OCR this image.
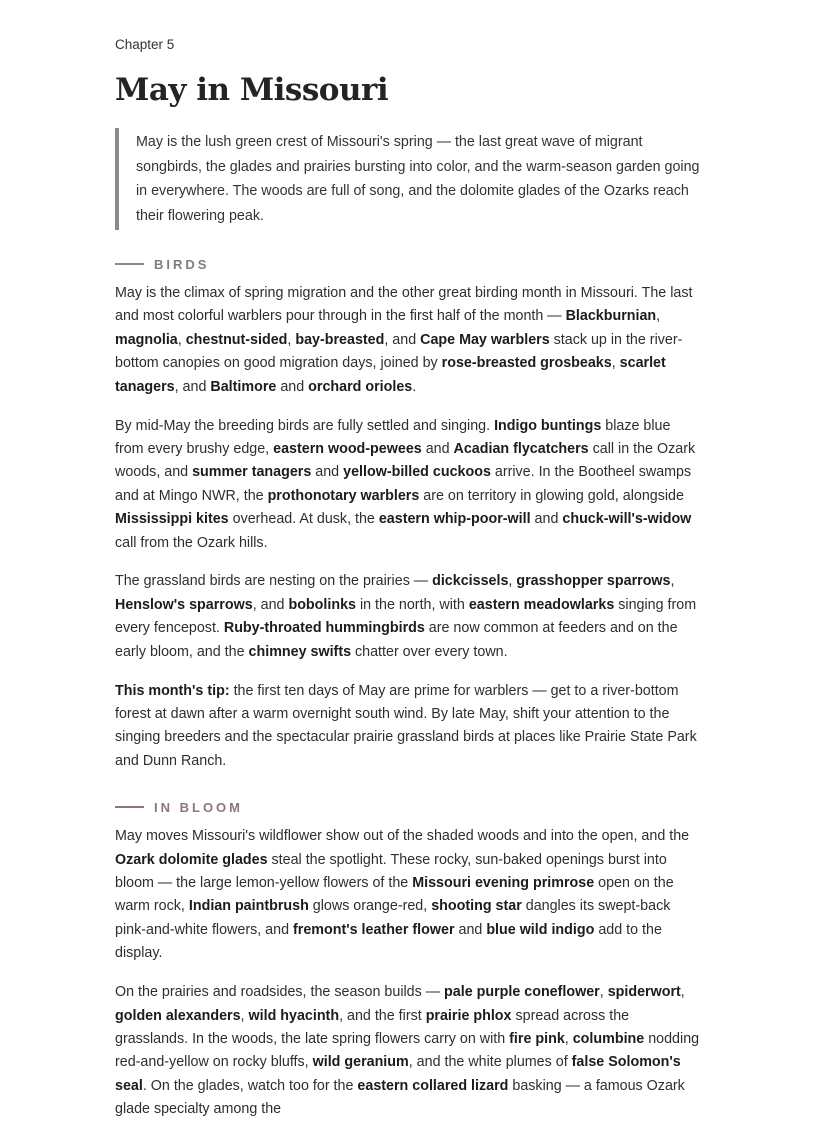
Chapter 5

May in Missouri
May is the lush green crest of Missouri's spring — the last great wave of migrant songbirds, the glades and prairies bursting into color, and the warm-season garden going in everywhere. The woods are full of song, and the dolomite glades of the Ozarks reach their flowering peak.
BIRDS

May is the climax of spring migration and the other great birding month in Missouri. The last and most colorful warblers pour through in the first half of the month — Blackburnian, magnolia, chestnut-sided, bay-breasted, and Cape May warblers stack up in the river-bottom canopies on good migration days, joined by rose-breasted grosbeaks, scarlet tanagers, and Baltimore and orchard orioles.

By mid-May the breeding birds are fully settled and singing. Indigo buntings blaze blue from every brushy edge, eastern wood-pewees and Acadian flycatchers call in the Ozark woods, and summer tanagers and yellow-billed cuckoos arrive. In the Bootheel swamps and at Mingo NWR, the prothonotary warblers are on territory in glowing gold, alongside Mississippi kites overhead. At dusk, the eastern whip-poor-will and chuck-will's-widow call from the Ozark hills.

The grassland birds are nesting on the prairies — dickcissels, grasshopper sparrows, Henslow's sparrows, and bobolinks in the north, with eastern meadowlarks singing from every fencepost. Ruby-throated hummingbirds are now common at feeders and on the early bloom, and the chimney swifts chatter over every town.

This month's tip: the first ten days of May are prime for warblers — get to a river-bottom forest at dawn after a warm overnight south wind. By late May, shift your attention to the singing breeders and the spectacular prairie grassland birds at places like Prairie State Park and Dunn Ranch.

IN BLOOM

May moves Missouri's wildflower show out of the shaded woods and into the open, and the Ozark dolomite glades steal the spotlight. These rocky, sun-baked openings burst into bloom — the large lemon-yellow flowers of the Missouri evening primrose open on the warm rock, Indian paintbrush glows orange-red, shooting star dangles its swept-back pink-and-white flowers, and fremont's leather flower and blue wild indigo add to the display.

On the prairies and roadsides, the season builds — pale purple coneflower, spiderwort, golden alexanders, wild hyacinth, and the first prairie phlox spread across the grasslands. In the woods, the late spring flowers carry on with fire pink, columbine nodding red-and-yellow on rocky bluffs, wild geranium, and the white plumes of false Solomon's seal. On the glades, watch too for the eastern collared lizard basking — a famous Ozark glade specialty among the
